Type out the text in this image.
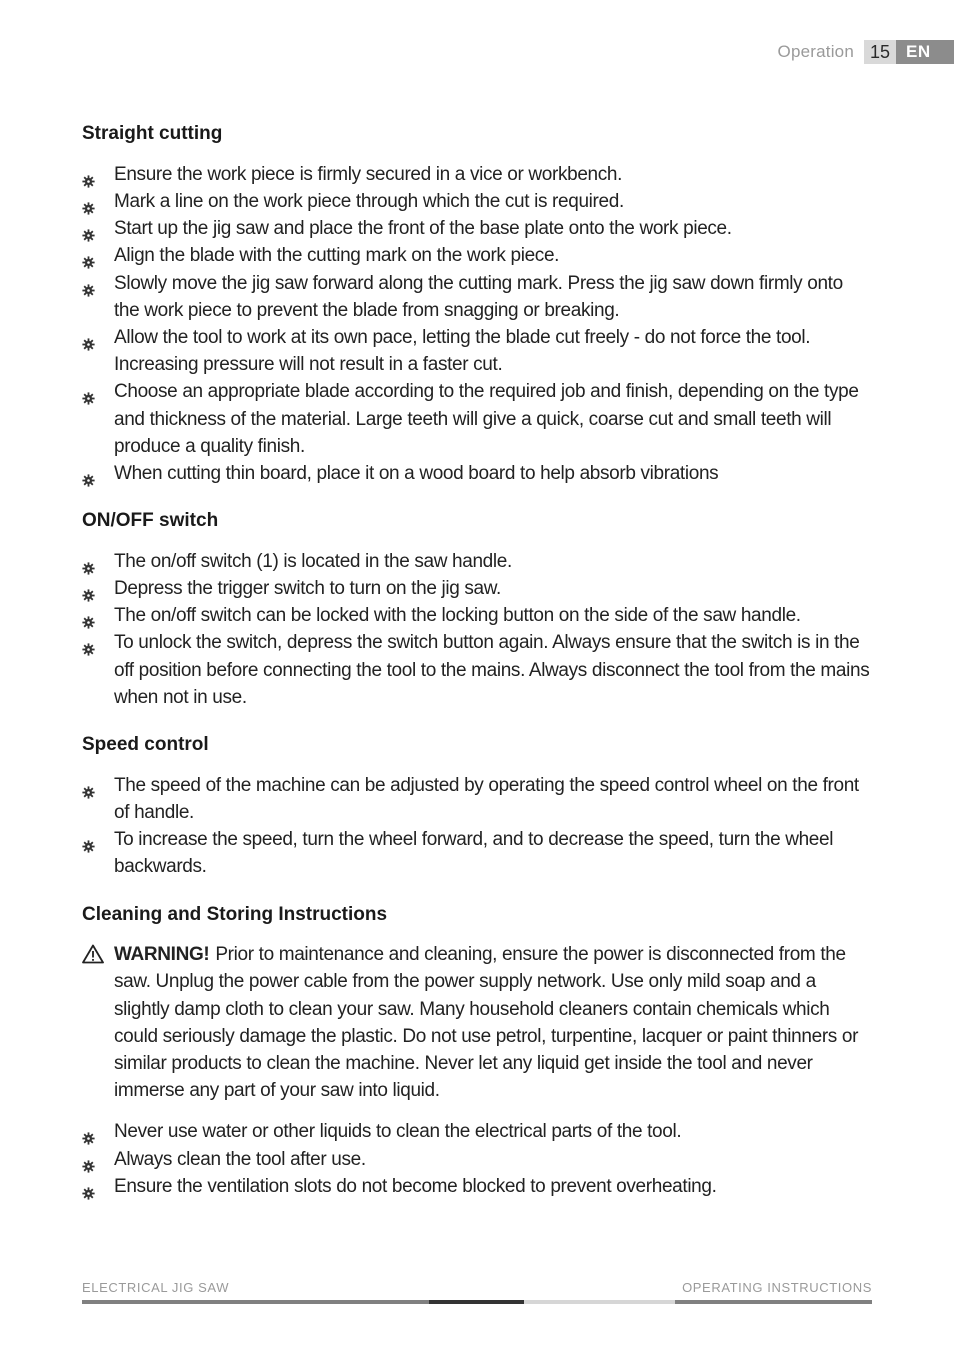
Operation 15 EN
Straight cutting
Ensure the work piece is firmly secured in a vice or workbench.
Mark a line on the work piece through which the cut is required.
Start up the jig saw and place the front of the base plate onto the work piece.
Align the blade with the cutting mark on the work piece.
Slowly move the jig saw forward along the cutting mark. Press the jig saw down firmly onto the work piece to prevent the blade from snagging or breaking.
Allow the tool to work at its own pace, letting the blade cut freely - do not force the tool. Increasing pressure will not result in a faster cut.
Choose an appropriate blade according to the required job and finish, depending on the type and thickness of the material. Large teeth will give a quick, coarse cut and small teeth will produce a quality finish.
When cutting thin board, place it on a wood board to help absorb vibrations
ON/OFF switch
The on/off switch (1) is located in the saw handle.
Depress the trigger switch to turn on the jig saw.
The on/off switch can be locked with the locking button on the side of the saw handle.
To unlock the switch, depress the switch button again. Always ensure that the switch is in the off position before connecting the tool to the mains. Always disconnect the tool from the mains when not in use.
Speed control
The speed of the machine can be adjusted by operating the speed control wheel on the front of handle.
To increase the speed, turn the wheel forward, and to decrease the speed, turn the wheel backwards.
Cleaning and Storing Instructions
WARNING! Prior to maintenance and cleaning, ensure the power is disconnected from the saw. Unplug the power cable from the power supply network. Use only mild soap and a slightly damp cloth to clean your saw. Many household cleaners contain chemicals which could seriously damage the plastic. Do not use petrol, turpentine, lacquer or paint thinners or similar products to clean the machine. Never let any liquid get inside the tool and never immerse any part of your saw into liquid.
Never use water or other liquids to clean the electrical parts of the tool.
Always clean the tool after use.
Ensure the ventilation slots do not become blocked to prevent overheating.
ELECTRICAL JIG SAW	OPERATING INSTRUCTIONS
